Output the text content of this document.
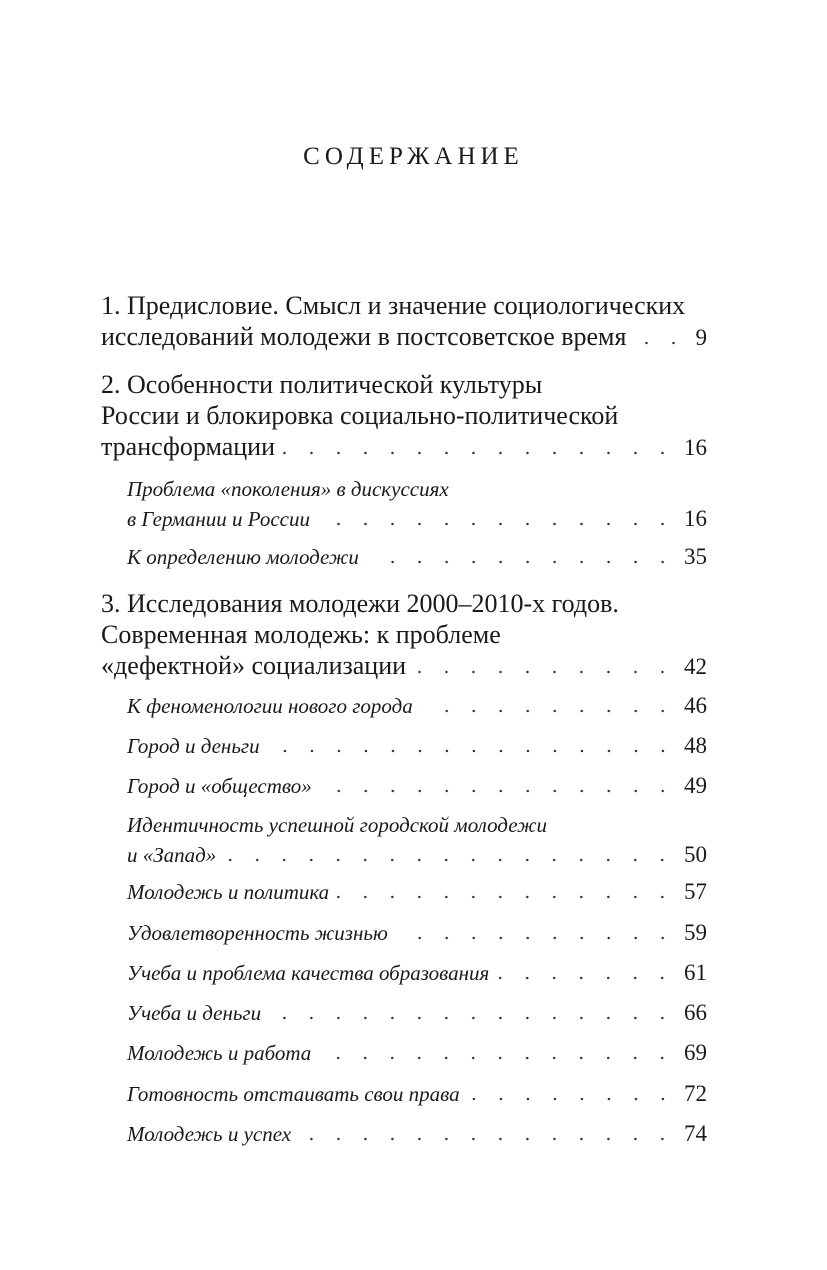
СОДЕРЖАНИЕ
1. Предисловие. Смысл и значение социологических
исследований молодежи в постсоветское время	9
2. Особенности политической культуры
России и блокировка социально-политической
трансформации	16
Проблема «поколения» в дискуссиях
в Германии и России	16
К определению молодежи	35
3. Исследования молодежи 2000–2010-х годов.
Современная молодежь: к проблеме
«дефектной» социализации	42
К феноменологии нового города	46
Город и деньги	48
Город и «общество»	49
Идентичность успешной городской молодежи
и «Запад»	50
Молодежь и политика	57
Удовлетворенность жизнью	59
Учеба и проблема качества образования	61
Учеба и деньги	66
Молодежь и работа	69
Готовность отстаивать свои права	72
Молодежь и успех	74
